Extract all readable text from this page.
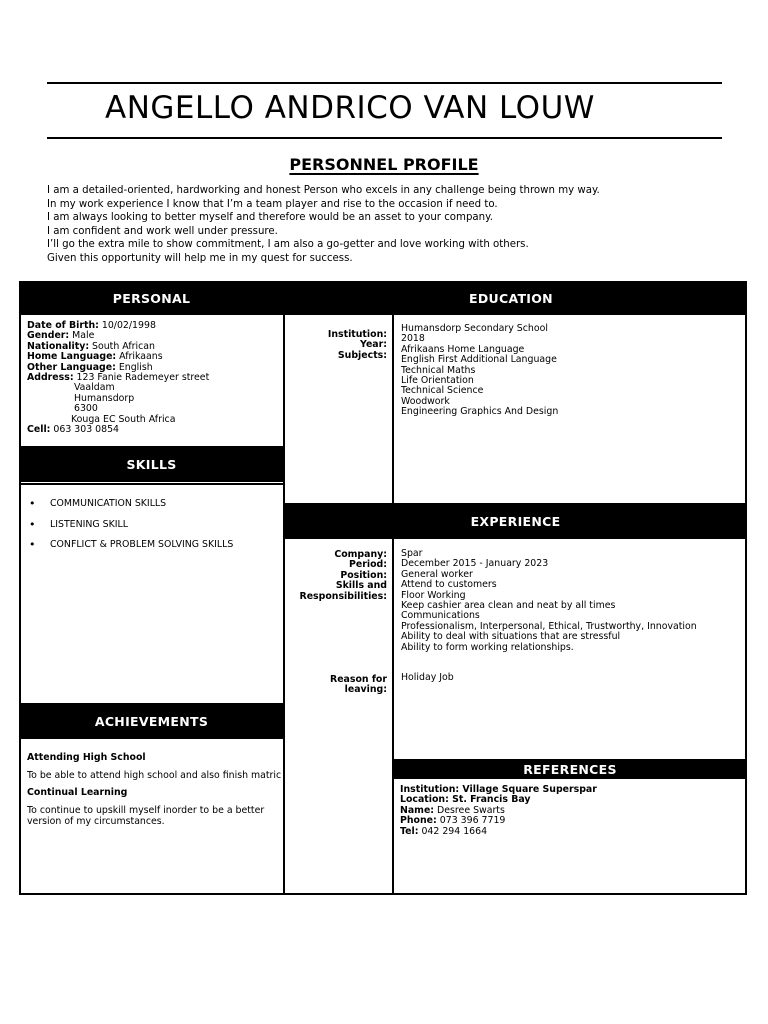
ANGELLO ANDRICO VAN LOUW
PERSONNEL PROFILE
I am a detailed-oriented, hardworking and honest Person who excels in any challenge being thrown my way.
In my work experience I know that I’m a team player and rise to the occasion if need to.
I am always looking to better myself and therefore would be an asset to your company.
I am confident and work well under pressure.
I’ll go the extra mile to show commitment, I am also a go-getter and love working with others.
Given this opportunity will help me in my quest for success.
PERSONAL	EDUCATION
SKILLS
EXPERIENCE
ACHIEVEMENTS
REFERENCES
Date of Birth: 10/02/1998
Gender: Male
Nationality: South African
Home Language: Afrikaans
Other Language: English
Address: 123 Fanie Rademeyer street
Vaaldam
Humansdorp
6300
Kouga EC South Africa
Cell: 063 303 0854
• COMMUNICATION SKILLS
• LISTENING SKILL
• CONFLICT & PROBLEM SOLVING SKILLS
Attending High School
To be able to attend high school and also finish matric
Continual Learning
To continue to upskill myself inorder to be a better version of my circumstances.
Institution:
Year:
Subjects:
Humansdorp Secondary School
2018
Afrikaans Home Language
English First Additional Language
Technical Maths
Life Orientation
Technical Science
Woodwork
Engineering Graphics And Design
Company:
Period:
Position:
Skills and
Responsibilities:
Spar
December 2015 - January 2023
General worker
Attend to customers
Floor Working
Keep cashier area clean and neat by all times
Communications
Professionalism, Interpersonal, Ethical, Trustworthy, Innovation
Ability to deal with situations that are stressful
Ability to form working relationships.
Reason for
leaving:
Holiday Job
Institution: Village Square Superspar
Location: St. Francis Bay
Name: Desree Swarts
Phone: 073 396 7719
Tel: 042 294 1664
